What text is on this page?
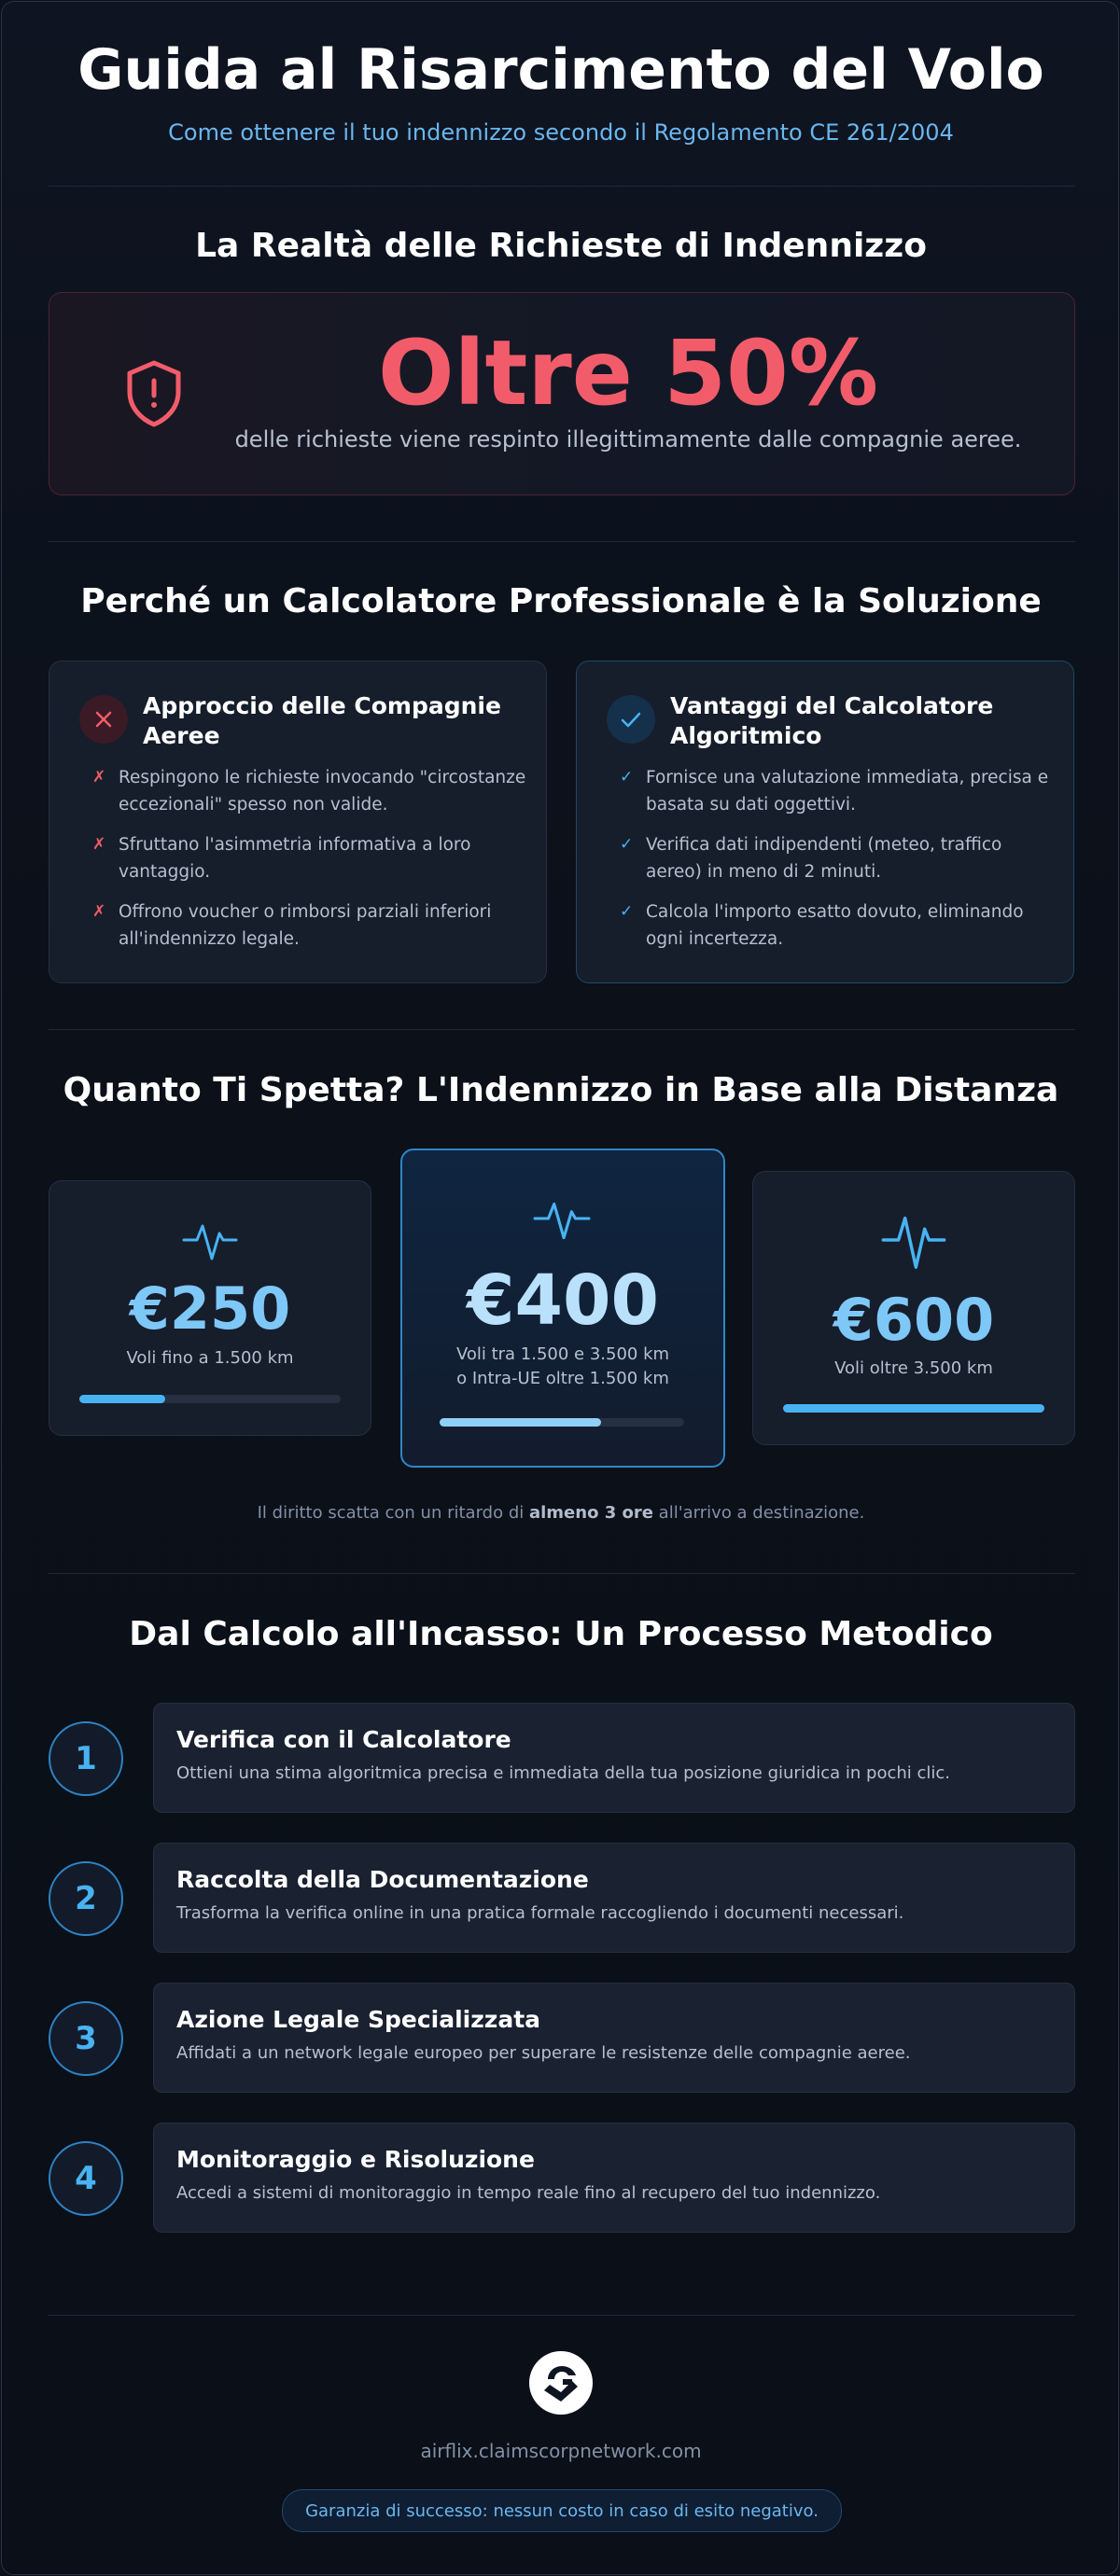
Guida al Risarcimento del Volo
Come ottenere il tuo indennizzo secondo il Regolamento CE 261/2004
La Realtà delle Richieste di Indennizzo
Oltre 50%
delle richieste viene respinto illegittimamente dalle compagnie aeree.
Perché un Calcolatore Professionale è la Soluzione
Approccio delle Compagnie Aeree
✗ Respingono le richieste invocando "circostanze eccezionali" spesso non valide.
✗ Sfruttano l'asimmetria informativa a loro vantaggio.
✗ Offrono voucher o rimborsi parziali inferiori all'indennizzo legale.
Vantaggi del Calcolatore Algoritmico
✓ Fornisce una valutazione immediata, precisa e basata su dati oggettivi.
✓ Verifica dati indipendenti (meteo, traffico aereo) in meno di 2 minuti.
✓ Calcola l'importo esatto dovuto, eliminando ogni incertezza.
Quanto Ti Spetta? L'Indennizzo in Base alla Distanza
€250
Voli fino a 1.500 km
€400
Voli tra 1.500 e 3.500 km
o Intra-UE oltre 1.500 km
€600
Voli oltre 3.500 km
Il diritto scatta con un ritardo di almeno 3 ore all'arrivo a destinazione.
Dal Calcolo all'Incasso: Un Processo Metodico
1
Verifica con il Calcolatore
Ottieni una stima algoritmica precisa e immediata della tua posizione giuridica in pochi clic.
2
Raccolta della Documentazione
Trasforma la verifica online in una pratica formale raccogliendo i documenti necessari.
3
Azione Legale Specializzata
Affidati a un network legale europeo per superare le resistenze delle compagnie aeree.
4
Monitoraggio e Risoluzione
Accedi a sistemi di monitoraggio in tempo reale fino al recupero del tuo indennizzo.
airflix.claimscorpnetwork.com
Garanzia di successo: nessun costo in caso di esito negativo.
